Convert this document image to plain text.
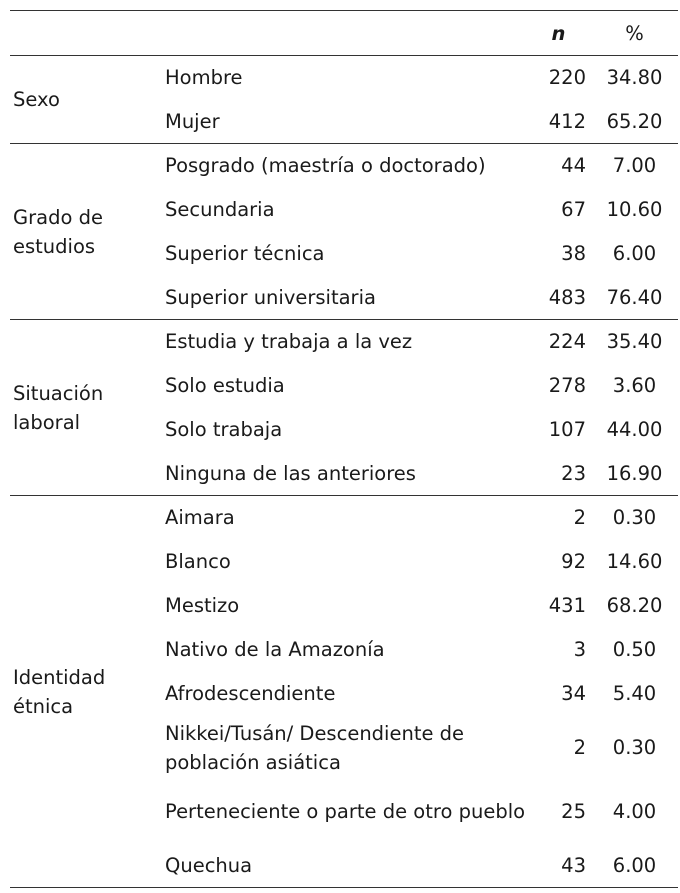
		n	%
Sexo	Hombre	220	34.80
	Mujer	412	65.20
Grado de estudios	Posgrado (maestría o doctorado)	44	7.00
	Secundaria	67	10.60
	Superior técnica	38	6.00
	Superior universitaria	483	76.40
Situación laboral	Estudia y trabaja a la vez	224	35.40
	Solo estudia	278	3.60
	Solo trabaja	107	44.00
	Ninguna de las anteriores	23	16.90
Identidad étnica	Aimara	2	0.30
	Blanco	92	14.60
	Mestizo	431	68.20
	Nativo de la Amazonía	3	0.50
	Afrodescendiente	34	5.40
	Nikkei/Tusán/ Descendiente de población asiática	2	0.30
	Perteneciente o parte de otro pueblo	25	4.00
	Quechua	43	6.00
